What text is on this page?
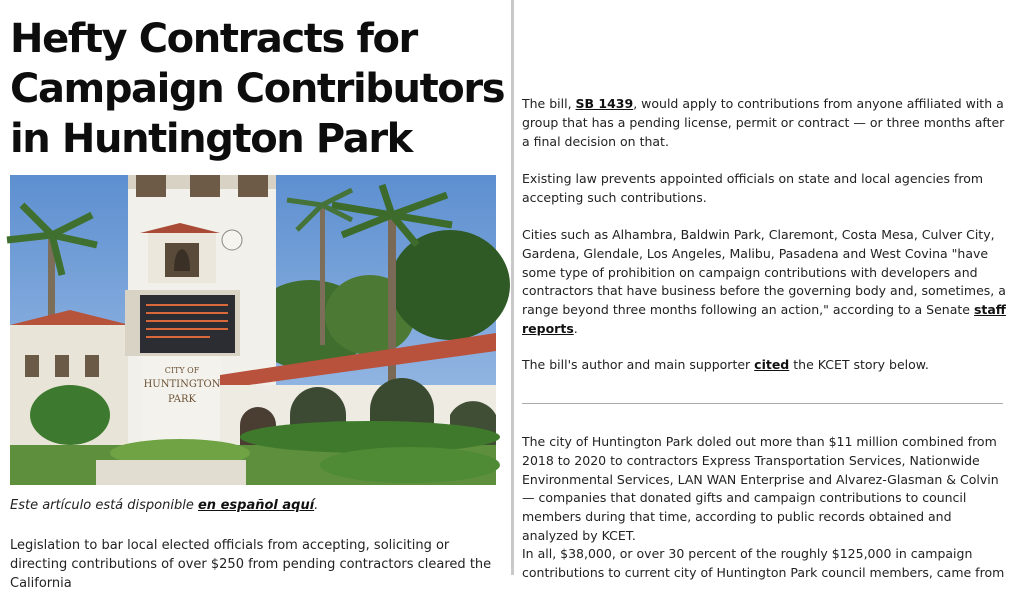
Hefty Contracts for Campaign Contributors in Huntington Park
CITY OF
HUNTINGTON
PARK

Este artículo está disponible en español aquí.

Legislation to bar local elected officials from accepting, soliciting or directing contributions of over $250 from pending contractors cleared the California

The bill, SB 1439, would apply to contributions from anyone affiliated with a group that has a pending license, permit or contract — or three months after a final decision on that.

Existing law prevents appointed officials on state and local agencies from accepting such contributions.

Cities such as Alhambra, Baldwin Park, Claremont, Costa Mesa, Culver City, Gardena, Glendale, Los Angeles, Malibu, Pasadena and West Covina "have some type of prohibition on campaign contributions with developers and contractors that have business before the governing body and, sometimes, a range beyond three months following an action," according to a Senate staff reports.

The bill's author and main supporter cited the KCET story below.

The city of Huntington Park doled out more than $11 million combined from 2018 to 2020 to contractors Express Transportation Services, Nationwide Environmental Services, LAN WAN Enterprise and Alvarez-Glasman & Colvin — companies that donated gifts and campaign contributions to council members during that time, according to public records obtained and analyzed by KCET.

In all, $38,000, or over 30 percent of the roughly $125,000 in campaign contributions to current city of Huntington Park council members, came from
